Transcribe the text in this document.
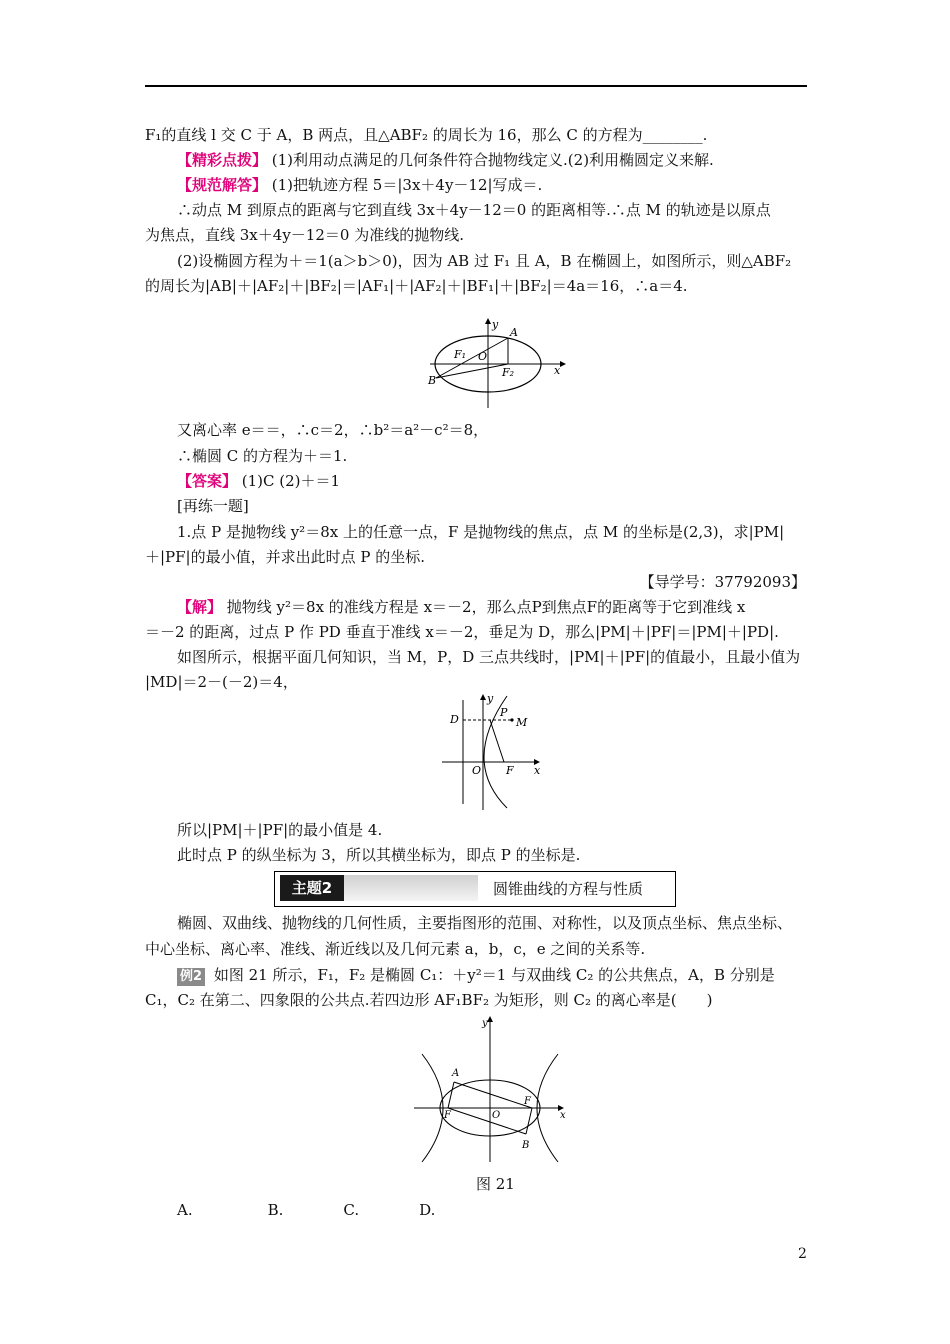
F₁的直线 l 交 C 于 A，B 两点，且△ABF₂ 的周长为 16，那么 C 的方程为________.
【精彩点拨】 (1)利用动点满足的几何条件符合抛物线定义.(2)利用椭圆定义来解.
【规范解答】 (1)把轨迹方程 5＝|3x＋4y－12|写成＝.
∴动点 M 到原点的距离与它到直线 3x＋4y－12＝0 的距离相等.∴点 M 的轨迹是以原点
为焦点，直线 3x＋4y－12＝0 为准线的抛物线.
(2)设椭圆方程为＋＝1(a＞b＞0)，因为 AB 过 F₁ 且 A，B 在椭圆上，如图所示，则△ABF₂
的周长为|AB|＋|AF₂|＋|BF₂|＝|AF₁|＋|AF₂|＋|BF₁|＋|BF₂|＝4a＝16，∴a＝4.
A
B
F₁
F₂
O
x
y
又离心率 e＝＝，∴c＝2，∴b²＝a²－c²＝8，
∴椭圆 C 的方程为＋＝1.
【答案】 (1)C (2)＋＝1
[再练一题]
1.点 P 是抛物线 y²＝8x 上的任意一点，F 是抛物线的焦点，点 M 的坐标是(2,3)，求|PM|
＋|PF|的最小值，并求出此时点 P 的坐标.
【导学号：37792093】
【解】 抛物线 y²＝8x 的准线方程是 x＝－2，那么点P到焦点F的距离等于它到准线 x
＝－2 的距离，过点 P 作 PD 垂直于准线 x＝－2，垂足为 D，那么|PM|＋|PF|＝|PM|＋|PD|.
如图所示，根据平面几何知识，当 M，P，D 三点共线时，|PM|＋|PF|的值最小，且最小值为
|MD|＝2－(－2)＝4，
D
P
M
O F x
y
所以|PM|＋|PF|的最小值是 4.
此时点 P 的纵坐标为 3，所以其横坐标为，即点 P 的坐标是.
主题2	圆锥曲线的方程与性质
椭圆、双曲线、抛物线的几何性质，主要指图形的范围、对称性，以及顶点坐标、焦点坐标、
中心坐标、离心率、准线、渐近线以及几何元素 a，b，c，e 之间的关系等.
例2 如图 21 所示，F₁，F₂ 是椭圆 C₁：＋y²＝1 与双曲线 C₂ 的公共焦点，A，B 分别是
C₁，C₂ 在第二、四象限的公共点.若四边形 AF₁BF₂ 为矩形，则 C₂ 的离心率是(　　)
A
B
F
F
O	x
y
图 21
A.　　　　　B.　　　　C.　　　　D.
2
